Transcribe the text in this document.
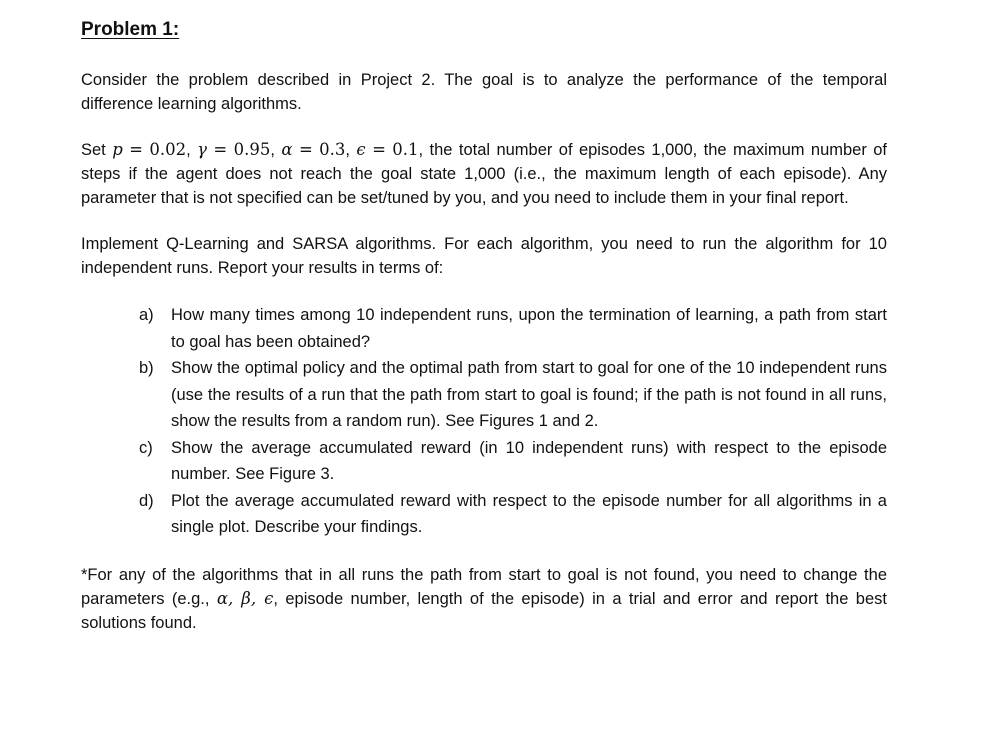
Problem 1:

Consider the problem described in Project 2. The goal is to analyze the performance of the temporal difference learning algorithms.

Set p = 0.02, γ = 0.95, α = 0.3, ϵ = 0.1, the total number of episodes 1,000, the maximum number of steps if the agent does not reach the goal state 1,000 (i.e., the maximum length of each episode). Any parameter that is not specified can be set/tuned by you, and you need to include them in your final report.

Implement Q-Learning and SARSA algorithms. For each algorithm, you need to run the algorithm for 10 independent runs. Report your results in terms of:

a) How many times among 10 independent runs, upon the termination of learning, a path from start to goal has been obtained?
b) Show the optimal policy and the optimal path from start to goal for one of the 10 independent runs (use the results of a run that the path from start to goal is found; if the path is not found in all runs, show the results from a random run). See Figures 1 and 2.
c) Show the average accumulated reward (in 10 independent runs) with respect to the episode number. See Figure 3.
d) Plot the average accumulated reward with respect to the episode number for all algorithms in a single plot. Describe your findings.

*For any of the algorithms that in all runs the path from start to goal is not found, you need to change the parameters (e.g., α, β, ϵ, episode number, length of the episode) in a trial and error and report the best solutions found.
